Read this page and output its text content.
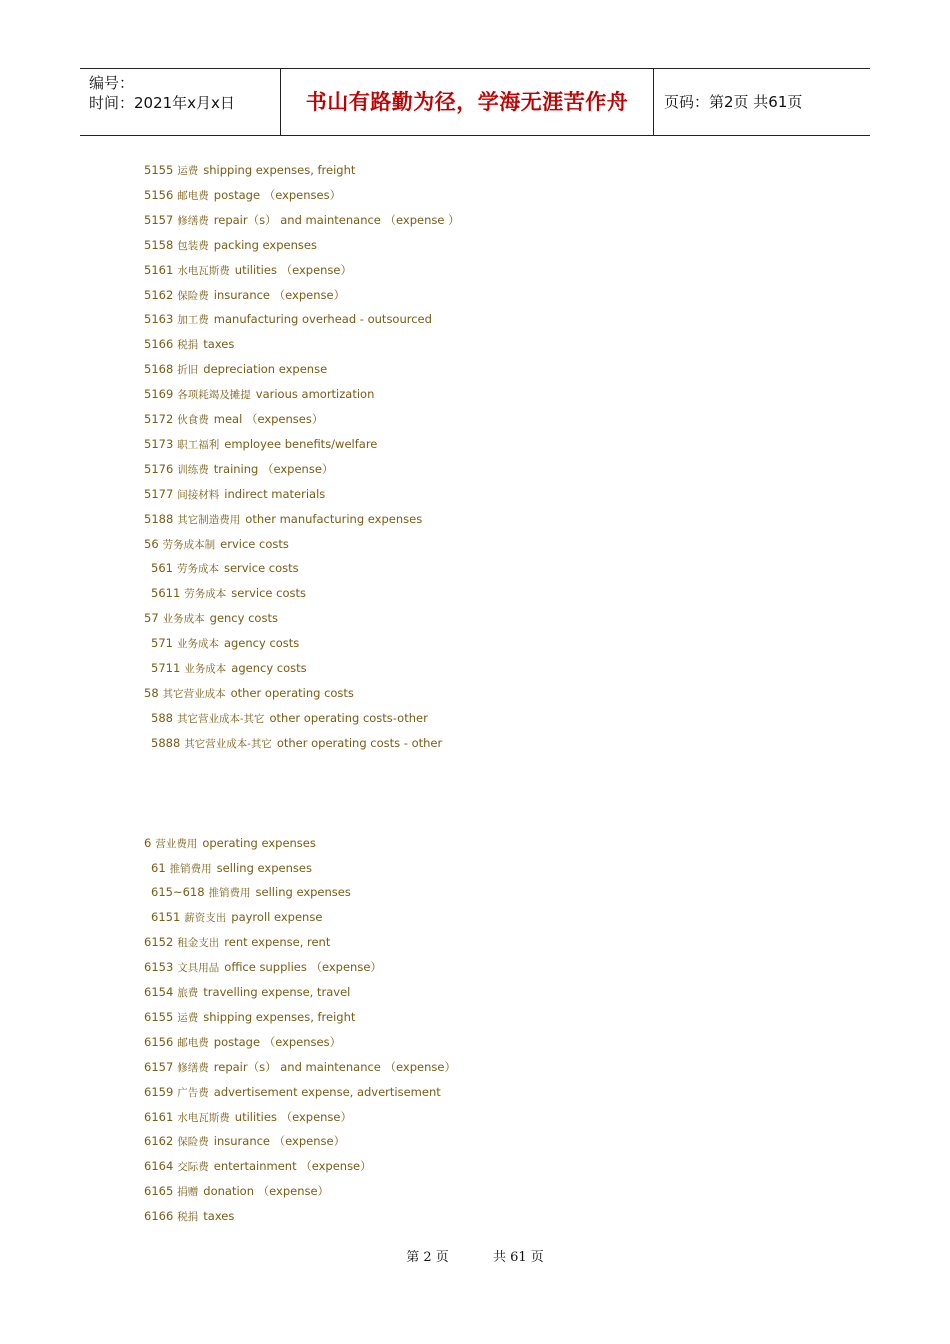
编号：
时间：2021年x月x日	书山有路勤为径，学海无涯苦作舟	页码：第2页 共61页
5155 运费 shipping expenses, freight
5156 邮电费 postage （expenses）
5157 修缮费 repair（s） and maintenance （expense ）
5158 包装费 packing expenses
5161 水电瓦斯费 utilities （expense）
5162 保险费 insurance （expense）
5163 加工费 manufacturing overhead - outsourced
5166 税捐 taxes
5168 折旧 depreciation expense
5169 各项耗竭及摊提 various amortization
5172 伙食费 meal （expenses）
5173 职工福利 employee benefits/welfare
5176 训练费 training （expense）
5177 间接材料 indirect materials
5188 其它制造费用 other manufacturing expenses
56 劳务成本制 ervice costs
561 劳务成本 service costs
5611 劳务成本 service costs
57 业务成本 gency costs
571 业务成本 agency costs
5711 业务成本 agency costs
58 其它营业成本 other operating costs
588 其它营业成本-其它 other operating costs-other
5888 其它营业成本-其它 other operating costs - other
6 营业费用 operating expenses
61 推销费用 selling expenses
615~618 推销费用 selling expenses
6151 薪资支出 payroll expense
6152 租金支出 rent expense, rent
6153 文具用品 office supplies （expense）
6154 旅费 travelling expense, travel
6155 运费 shipping expenses, freight
6156 邮电费 postage （expenses）
6157 修缮费 repair（s） and maintenance （expense）
6159 广告费 advertisement expense, advertisement
6161 水电瓦斯费 utilities （expense）
6162 保险费 insurance （expense）
6164 交际费 entertainment （expense）
6165 捐赠 donation （expense）
6166 税捐 taxes
第 2 页	共 61 页
